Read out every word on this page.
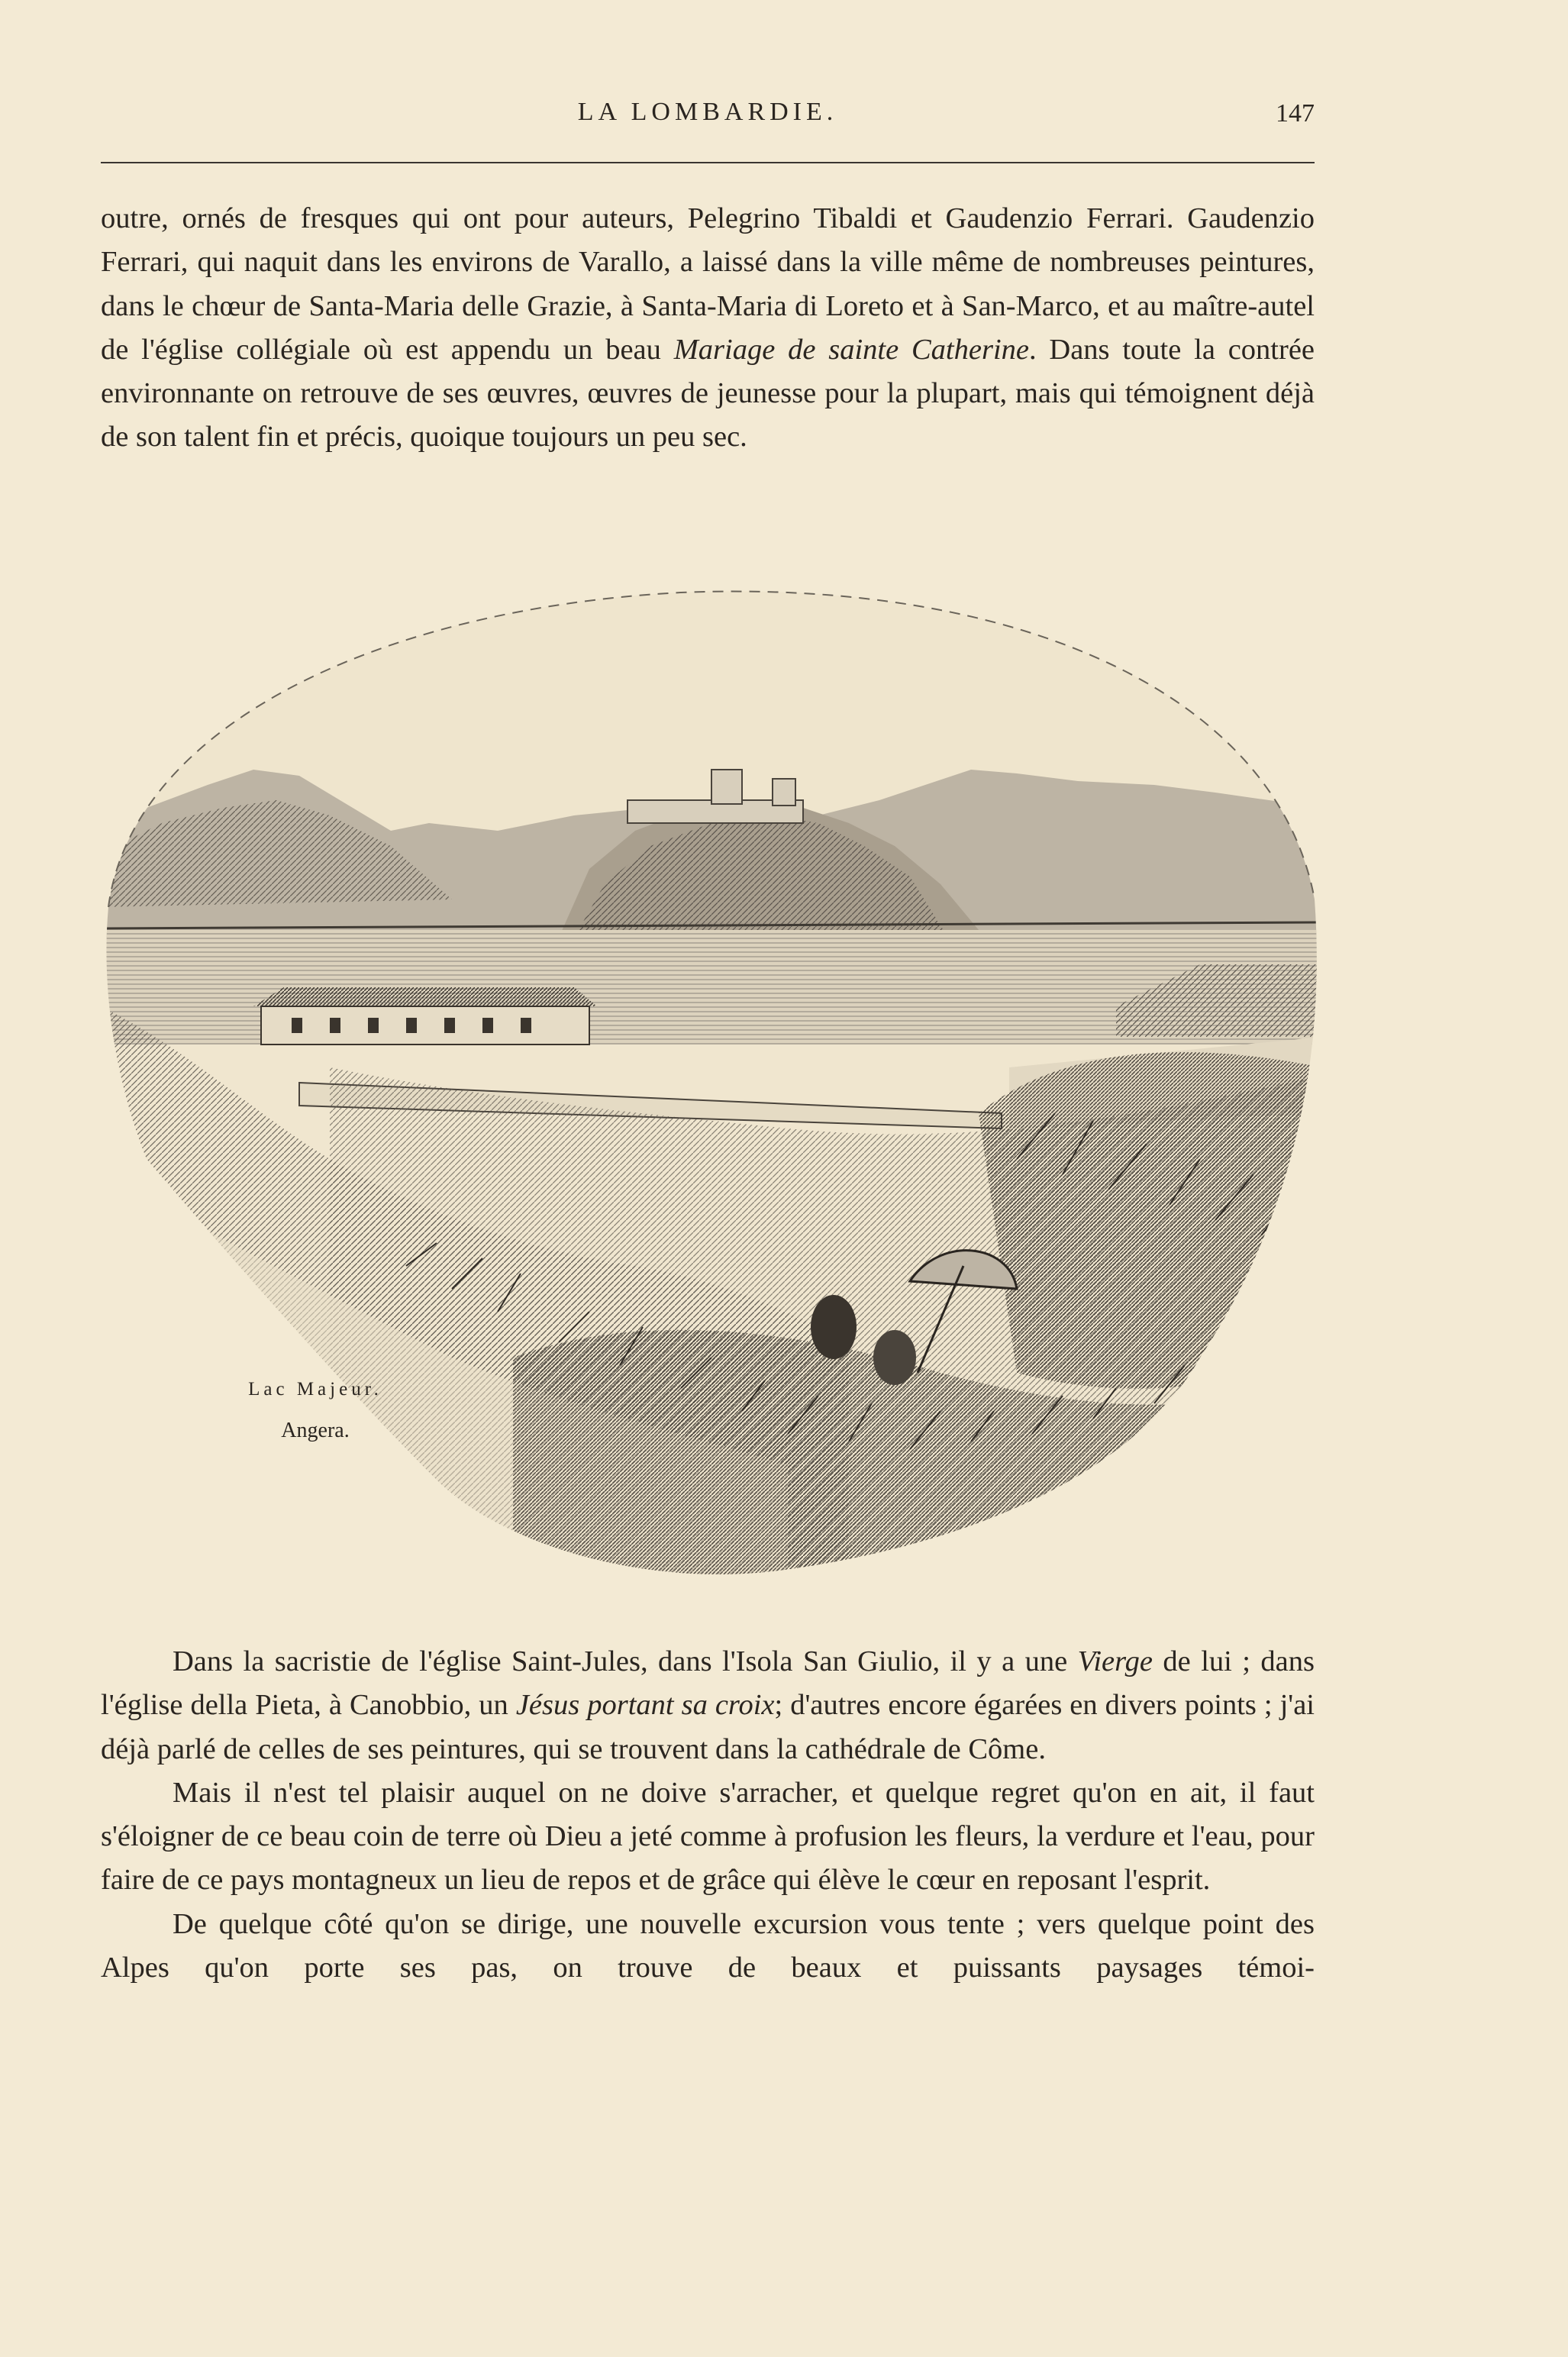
LA LOMBARDIE.	147

outre, ornés de fresques qui ont pour auteurs, Pelegrino Tibaldi et Gaudenzio Ferrari. Gaudenzio Ferrari, qui naquit dans les environs de Varallo, a laissé dans la ville même de nombreuses peintures, dans le chœur de Santa-Maria delle Grazie, à Santa-Maria di Loreto et à San-Marco, et au maître-autel de l'église collégiale où est appendu un beau Mariage de sainte Catherine. Dans toute la contrée environnante on retrouve de ses œuvres, œuvres de jeunesse pour la plupart, mais qui témoignent déjà de son talent fin et précis, quoique toujours un peu sec.

Lac Majeur.
Angera.

Dans la sacristie de l'église Saint-Jules, dans l'Isola San Giulio, il y a une Vierge de lui ; dans l'église della Pieta, à Canobbio, un Jésus portant sa croix; d'autres encore égarées en divers points ; j'ai déjà parlé de celles de ses peintures, qui se trouvent dans la cathédrale de Côme.

Mais il n'est tel plaisir auquel on ne doive s'arracher, et quelque regret qu'on en ait, il faut s'éloigner de ce beau coin de terre où Dieu a jeté comme à profusion les fleurs, la verdure et l'eau, pour faire de ce pays montagneux un lieu de repos et de grâce qui élève le cœur en reposant l'esprit.

De quelque côté qu'on se dirige, une nouvelle excursion vous tente ; vers quelque point des Alpes qu'on porte ses pas, on trouve de beaux et puissants paysages témoi-
